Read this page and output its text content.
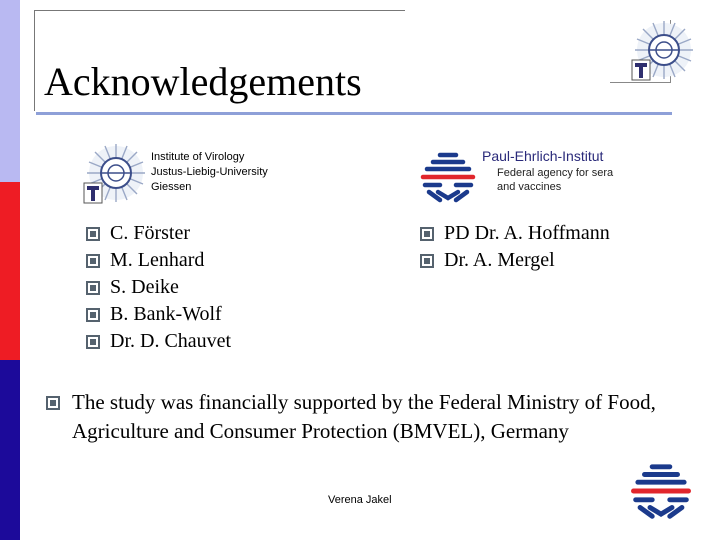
Acknowledgements
Institute of Virology
Justus-Liebig-University
Giessen
Paul-Ehrlich-Institut
Federal agency for sera
and vaccines
C. Förster
M. Lenhard
S. Deike
B. Bank-Wolf
Dr. D. Chauvet
PD Dr. A. Hoffmann
Dr. A. Mergel
The study was financially supported by the Federal Ministry of Food, Agriculture and Consumer Protection (BMVEL), Germany
Verena Jakel
